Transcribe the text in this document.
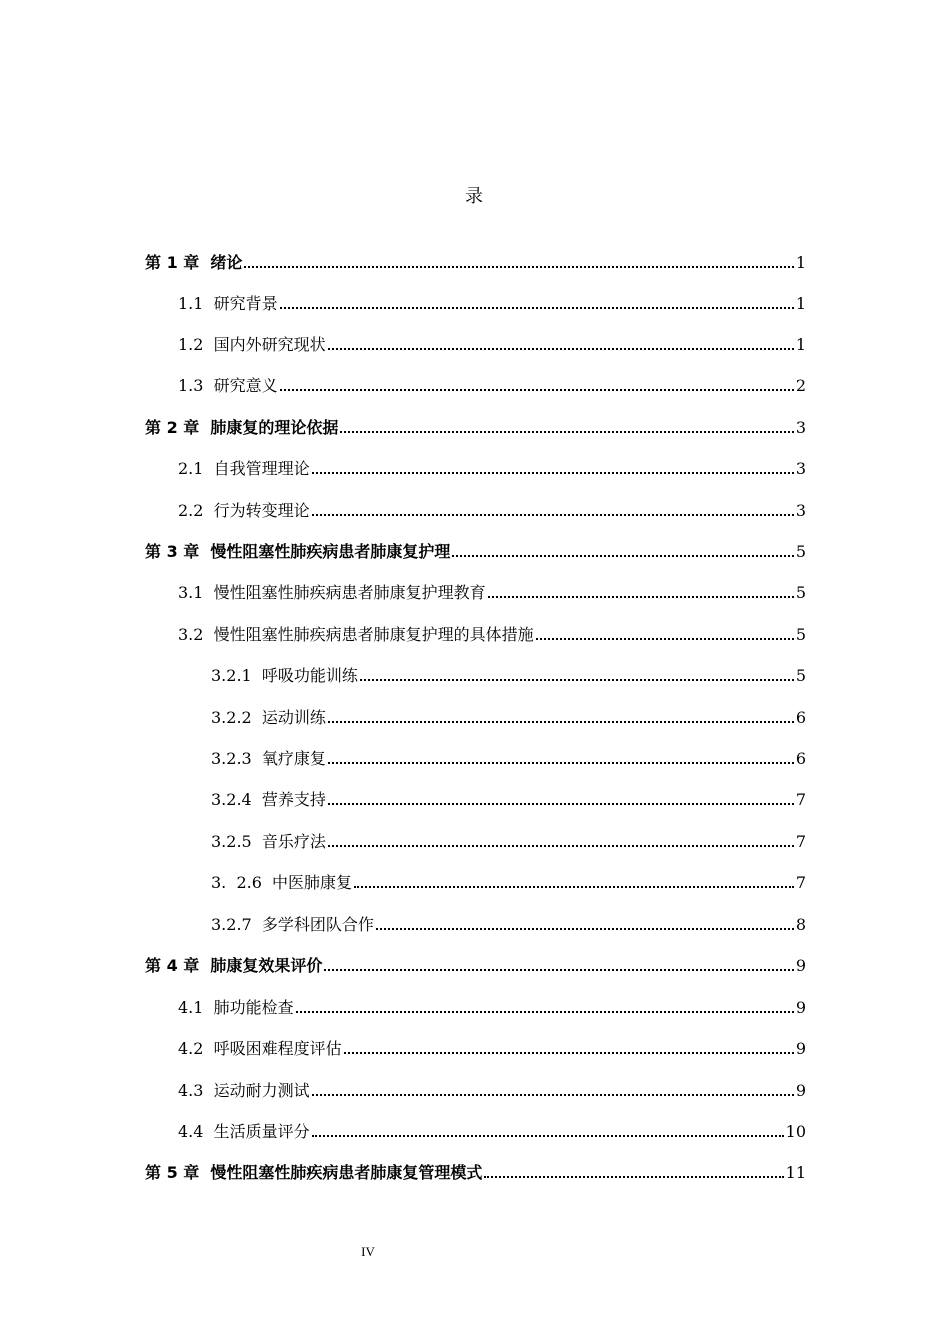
录
第 1 章  绪论	1
1.1  研究背景	1
1.2  国内外研究现状	1
1.3  研究意义	2
第 2 章  肺康复的理论依据	3
2.1  自我管理理论	3
2.2  行为转变理论	3
第 3 章  慢性阻塞性肺疾病患者肺康复护理	5
3.1  慢性阻塞性肺疾病患者肺康复护理教育	5
3.2  慢性阻塞性肺疾病患者肺康复护理的具体措施	5
3.2.1  呼吸功能训练	5
3.2.2  运动训练	6
3.2.3  氧疗康复	6
3.2.4  营养支持	7
3.2.5  音乐疗法	7
3.  2.6  中医肺康复	7
3.2.7  多学科团队合作	8
第 4 章  肺康复效果评价	9
4.1  肺功能检查	9
4.2  呼吸困难程度评估	9
4.3  运动耐力测试	9
4.4  生活质量评分	10
第 5 章  慢性阻塞性肺疾病患者肺康复管理模式	11
IV
